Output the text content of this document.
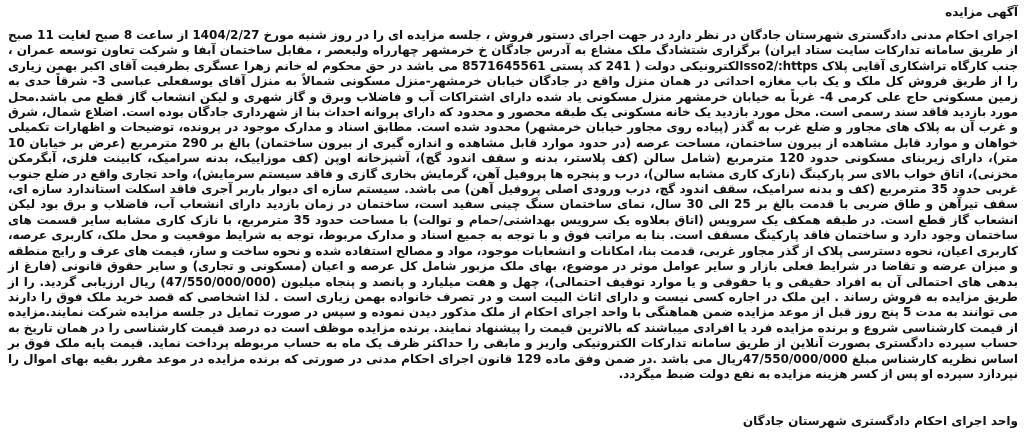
آگهی مزایده
اجرای احکام مدنی دادگستری شهرستان جادگان در نظر دارد در جهت اجرای دستور فروش ، جلسه مزایده ای را در روز شنبه مورخ 1404/2/27 از ساعت 8 صبح لغایت 11 صبح از طریق سامانه تدارکات سایت ستاد ایران) برگزاری شتشادگ ملک مشاع به آدرس جادگان خ خرمشهر چهارراه ولیعصر ، مقابل ساختمان آبفا و شرکت تعاون توسعه عمران ، جنب کارگاه تراشکاری آقایی پلاک sso2/:httpsالکترونیکی دولت ( 241 کد پستی 8571645561 می باشد در حق محکوم له خانم زهرا عسگری بطرفیت آقای اکبر بهمن زیاری را از طریق فروش کل ملک و یک باب مغازه احداثی در همان منزل واقع در جادگان خیابان خرمشهر-منزل مسکونی شمالاً به منزل آقای یوسفعلی عباسی 3- شرقاً حدی به زمین مسکونی حاج علی کرمی 4- غرباً به خیابان خرمشهر منزل مسکونی یاد شده دارای اشتراکات آب و فاضلاب وبرق و گاز شهری و لیکن انشعاب گاز قطع می باشد.محل مورد بازدید فاقد سند رسمی است. محل مورد بازدید یک خانه مسکونی یک طبقه محصور و محدود که دارای پروانه احداث بنا از شهرداری جادگان بوده است. اضلاع شمال، شرق و غرب آن به پلاک های مجاور و ضلع غرب به گذر (پیاده روی مجاور خیابان خرمشهر) محدود شده است. مطابق اسناد و مدارک موجود در پرونده، توضیحات و اظهارات تکمیلی خواهان و موارد قابل مشاهده از بیرون ساختمان، مساحت عرصه (در حدود موارد قابل مشاهده و اندازه گیری از بیرون ساختمان) بالغ بر 290 مترمربع (عرض بر خیابان 10 متر)، دارای زیربنای مسکونی حدود 120 مترمربع (شامل سالن (کف پلاستر، بدنه و سقف اندود گچ)، آشپزخانه اوپن (کف موزاییک، بدنه سرامیک، کابینت فلزی، آبگرمکن مخزنی)، اتاق خواب بالای سر پارکینگ (نازک کاری مشابه سالن)، درب و پنجره ها پروفیل آهن، گرمایش بخاری گازی و فاقد سیستم سرمایش)، واحد تجاری واقع در ضلع جنوب غربی حدود 35 مترمربع (کف و بدنه سرامیک، سقف اندود گچ، درب ورودی اصلی پروفیل آهن) می باشد. سیستم سازه ای دیوار باربر آجری فاقد اسکلت استاندارد سازه ای، سقف تیرآهن و طاق ضربی با قدمت بالغ بر 25 الی 30 سال، نمای ساختمان سنگ چینی سفید است، ساختمان در زمان بازدید دارای انشعاب آب، فاضلاب و برق بود لیکن انشعاب گاز قطع است. در طبقه همکف یک سرویس (اتاق بعلاوه یک سرویس بهداشتی/حمام و توالت) با مساحت حدود 35 مترمربع، با نازک کاری مشابه سایر قسمت های ساختمان وجود دارد و ساختمان فاقد پارکینگ مسقف است. بنا به مراتب فوق و با توجه به جمیع اسناد و مدارک مربوط، توجه به شرایط موقعیت و محل ملک، کاربری عرصه، کاربری اعیان، نحوه دسترسی پلاک از گذر مجاور غربی، قدمت بنا، امکانات و انشعابات موجود، مواد و مصالح استفاده شده و نحوه ساخت و ساز، قیمت های عرف و رایج منطقه و میزان عرضه و تقاضا در شرایط فعلی بازار و سایر عوامل موثر در موضوع، بهای ملک مزبور شامل کل عرصه و اعیان (مسکونی و تجاری) و سایر حقوق قانونی (فارغ از بدهی های احتمالی آن به افراد حقیقی و یا حقوقی و یا موارد توقیف احتمالی)، چهل و هفت میلیارد و پانصد و پنجاه میلیون (47/550/000/000) ریال ارزیابی گردید. را از طریق مزایده به فروش رساند . این ملک در اجاره کسی نیست و دارای اثاث البیت است و در تصرف خانواده بهمن زیاری است . لذا اشخاصی که قصد خرید ملک فوق را دارند می توانند به مدت 5 پنج روز قبل از موعد مزایده ضمن هماهنگی با واحد اجرای احکام از ملک مذکور دیدن نموده و سپس در صورت تمایل در جلسه مزایده شرکت نمایند.مزایده از قیمت کارشناسی شروع و برنده مزایده فرد یا افرادی میباشند که بالاترین قیمت را پیشنهاد نمایند. برنده مزایده موظف است ده درصد قیمت کارشناسی را در همان تاریخ به حساب سپرده دادگستری بصورت آنلاین از طریق سامانه تدارکات الکترونیکی واریز و مابقی را حداکثر ظرف یک ماه به حساب مربوطه پرداخت نماید. قیمت پایه ملک فوق بر اساس نظریه کارشناس مبلغ 47/550/000/000ریال می باشد .در ضمن وفق ماده 129 قانون اجرای احکام مدنی در صورتی که برنده مزایده در موعد مقرر بقیه بهای اموال را نپردازد سپرده او پس از کسر هزینه مزایده به نفع دولت ضبط میگردد.
واحد اجرای احکام دادگستری شهرستان جادگان
